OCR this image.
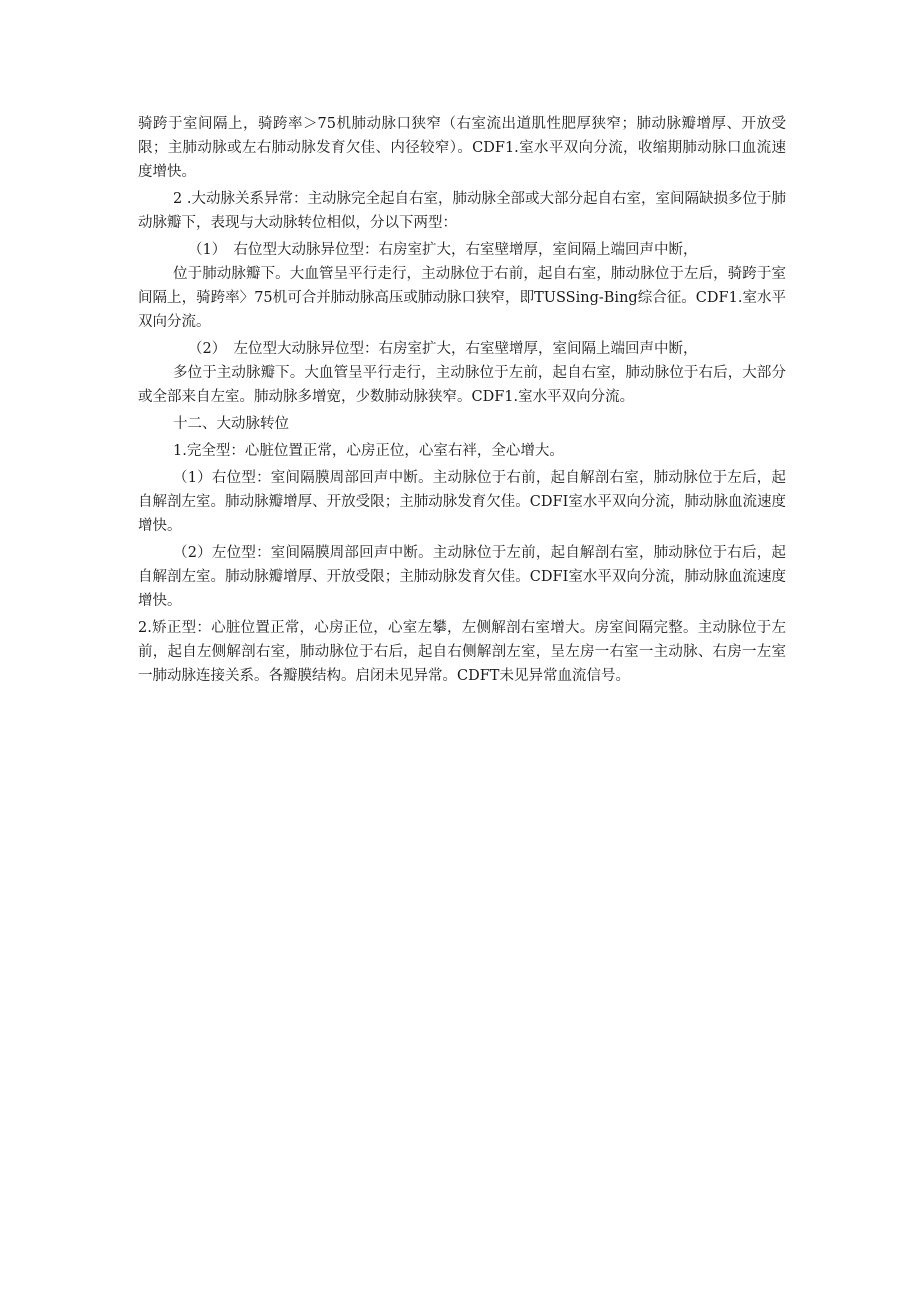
骑跨于室间隔上，骑跨率＞75机肺动脉口狭窄（右室流出道肌性肥厚狭窄；肺动脉瓣增厚、开放受限；主肺动脉或左右肺动脉发育欠佳、内径较窄）。CDF1.室水平双向分流，收缩期肺动脉口血流速度增快。

2 .大动脉关系异常：主动脉完全起自右室，肺动脉全部或大部分起自右室，室间隔缺损多位于肺动脉瓣下，表现与大动脉转位相似，分以下两型：

（1）　右位型大动脉异位型：右房室扩大，右室壁增厚，室间隔上端回声中断，

位于肺动脉瓣下。大血管呈平行走行，主动脉位于右前，起自右室，肺动脉位于左后，骑跨于室间隔上，骑跨率〉75机可合并肺动脉高压或肺动脉口狭窄，即TUSSing-Bing综合征。CDF1.室水平双向分流。

（2）　左位型大动脉异位型：右房室扩大，右室壁增厚，室间隔上端回声中断，

多位于主动脉瓣下。大血管呈平行走行，主动脉位于左前，起自右室，肺动脉位于右后，大部分或全部来自左室。肺动脉多增宽，少数肺动脉狭窄。CDF1.室水平双向分流。

十二、大动脉转位

1.完全型：心脏位置正常，心房正位，心室右袢，全心增大。

（1）右位型：室间隔膜周部回声中断。主动脉位于右前，起自解剖右室，肺动脉位于左后，起自解剖左室。肺动脉瓣增厚、开放受限；主肺动脉发育欠佳。CDFI室水平双向分流，肺动脉血流速度增快。

（2）左位型：室间隔膜周部回声中断。主动脉位于左前，起自解剖右室，肺动脉位于右后，起自解剖左室。肺动脉瓣增厚、开放受限；主肺动脉发育欠佳。CDFI室水平双向分流，肺动脉血流速度增快。

2.矫正型：心脏位置正常，心房正位，心室左攀，左侧解剖右室增大。房室间隔完整。主动脉位于左前，起自左侧解剖右室，肺动脉位于右后，起自右侧解剖左室，呈左房一右室一主动脉、右房一左室一肺动脉连接关系。各瓣膜结构。启闭未见异常。CDFT未见异常血流信号。
